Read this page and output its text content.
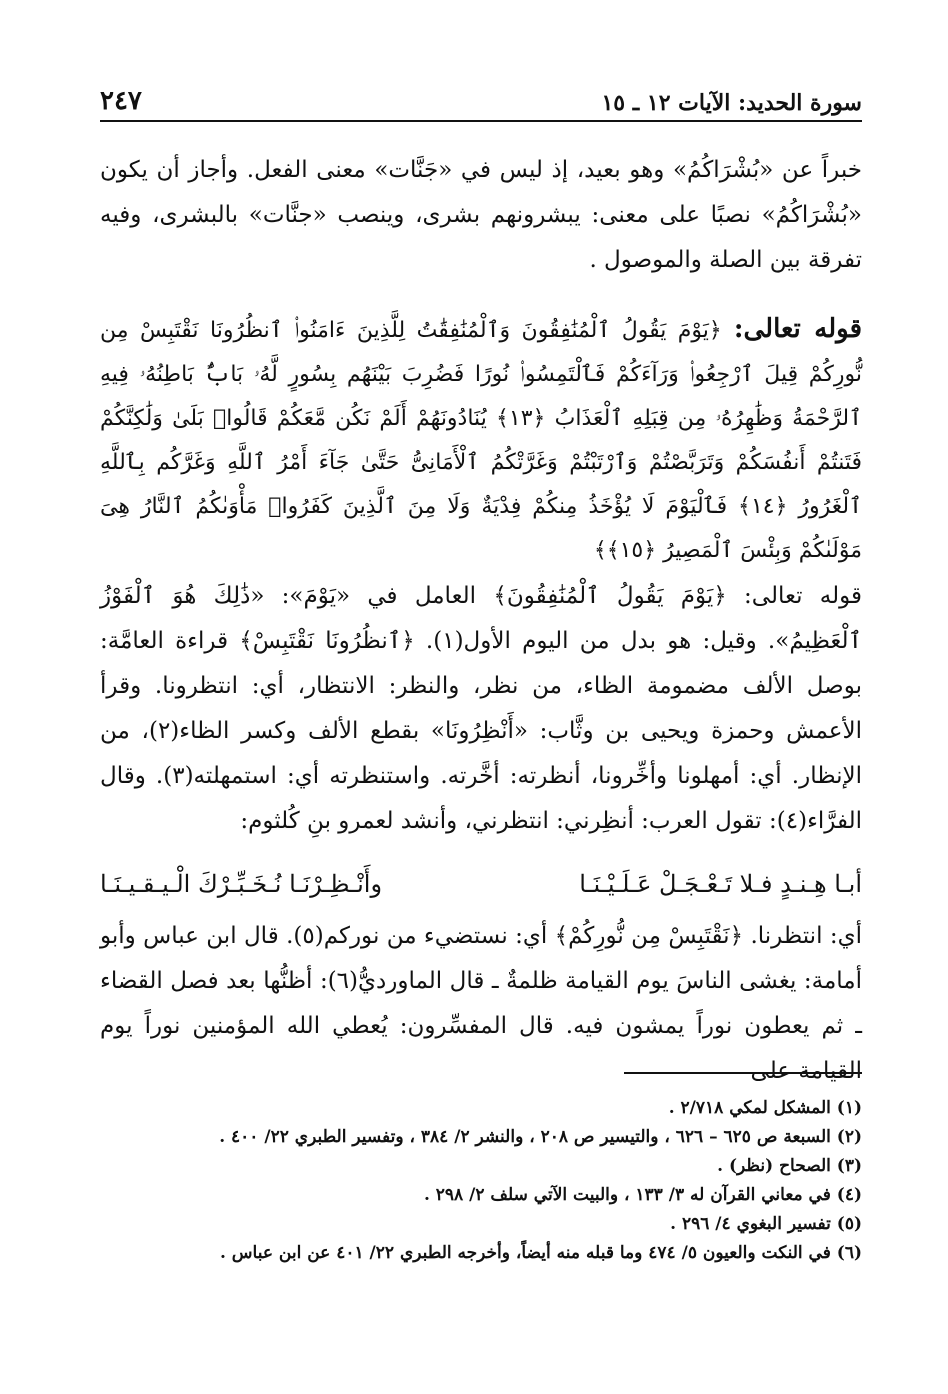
سورة الحديد: الآيات ١٢ ـ ١٥
٢٤٧

خبراً عن «بُشْرَاكُمُ» وهو بعيد، إذ ليس في «جَنَّات» معنى الفعل. وأجاز أن يكون «بُشْرَاكُمُ» نصبًا على معنى: يبشرونهم بشرى، وينصب «جنَّات» بالبشرى، وفيه تفرقة بين الصلة والموصول .

قوله تعالى: ﴿يَوْمَ يَقُولُ ٱلْمُنَٰفِقُونَ وَٱلْمُنَٰفِقَٰتُ لِلَّذِينَ ءَامَنُوا۟ ٱنظُرُونَا نَقْتَبِسْ مِن نُّورِكُمْ قِيلَ ٱرْجِعُوا۟ وَرَآءَكُمْ فَٱلْتَمِسُوا۟ نُورًا فَضُرِبَ بَيْنَهُم بِسُورٍ لَّهُۥ بَابٌۢ بَاطِنُهُۥ فِيهِ ٱلرَّحْمَةُ وَظَٰهِرُهُۥ مِن قِبَلِهِ ٱلْعَذَابُ ﴿١٣﴾ يُنَادُونَهُمْ أَلَمْ نَكُن مَّعَكُمْ قَالُوا۟ بَلَىٰ وَلَٰكِنَّكُمْ فَتَنتُمْ أَنفُسَكُمْ وَتَرَبَّصْتُمْ وَٱرْتَبْتُمْ وَغَرَّتْكُمُ ٱلْأَمَانِىُّ حَتَّىٰ جَآءَ أَمْرُ ٱللَّهِ وَغَرَّكُم بِٱللَّهِ ٱلْغَرُورُ ﴿١٤﴾ فَٱلْيَوْمَ لَا يُؤْخَذُ مِنكُمْ فِدْيَةٌ وَلَا مِنَ ٱلَّذِينَ كَفَرُوا۟ مَأْوَىٰكُمُ ٱلنَّارُ هِىَ مَوْلَىٰكُمْ وَبِئْسَ ٱلْمَصِيرُ ﴿١٥﴾﴾

قوله تعالى: ﴿يَوْمَ يَقُولُ ٱلْمُنَٰفِقُونَ﴾ العامل في «يَوْمَ»: «ذَٰلِكَ هُوَ ٱلْفَوْزُ ٱلْعَظِيمُ». وقيل: هو بدل من اليوم الأول(١). ﴿ٱنظُرُونَا نَقْتَبِسْ﴾ قراءة العامَّة: بوصل الألف مضمومة الظاء، من نظر، والنظر: الانتظار، أي: انتظرونا. وقرأ الأعمش وحمزة ويحيى بن وثَّاب: «أَنْظِرُونَا» بقطع الألف وكسر الظاء(٢)، من الإنظار. أي: أمهلونا وأخِّرونا، أنظرته: أخَّرته. واستنظرته أي: استمهلته(٣). وقال الفرَّاء(٤): تقول العرب: أنظِرني: انتظرني، وأنشد لعمرو بنِ كُلثوم:

أبـا هِـنـدٍ فـلا تَـعْـجَـلْ عَـلَـيْـنَـا
وأَنْـظِـرْنَـا نُـخَـبِّـرْكَ الْـيـقـيـنَـا

أي: انتظرنا. ﴿نَقْتَبِسْ مِن نُّورِكُمْ﴾ أي: نستضيء من نوركم(٥). قال ابن عباس وأبو أمامة: يغشى الناسَ يوم القيامة ظلمةٌ ـ قال الماورديُّ(٦): أظنُّها بعد فصل القضاء ـ ثم يعطون نوراً يمشون فيه. قال المفسِّرون: يُعطي الله المؤمنين نوراً يوم القيامة على

(١) المشكل لمكي ٢/٧١٨ .
(٢) السبعة ص ٦٢٥ – ٦٢٦ ، والتيسير ص ٢٠٨ ، والنشر ٢/ ٣٨٤ ، وتفسير الطبري ٢٢/ ٤٠٠ .
(٣) الصحاح (نظر) .
(٤) في معاني القرآن له ٣/ ١٣٣ ، والبيت الآتي سلف ٢/ ٢٩٨ .
(٥) تفسير البغوي ٤/ ٢٩٦ .
(٦) في النكت والعيون ٥/ ٤٧٤ وما قبله منه أيضاً، وأخرجه الطبري ٢٢/ ٤٠١ عن ابن عباس .
